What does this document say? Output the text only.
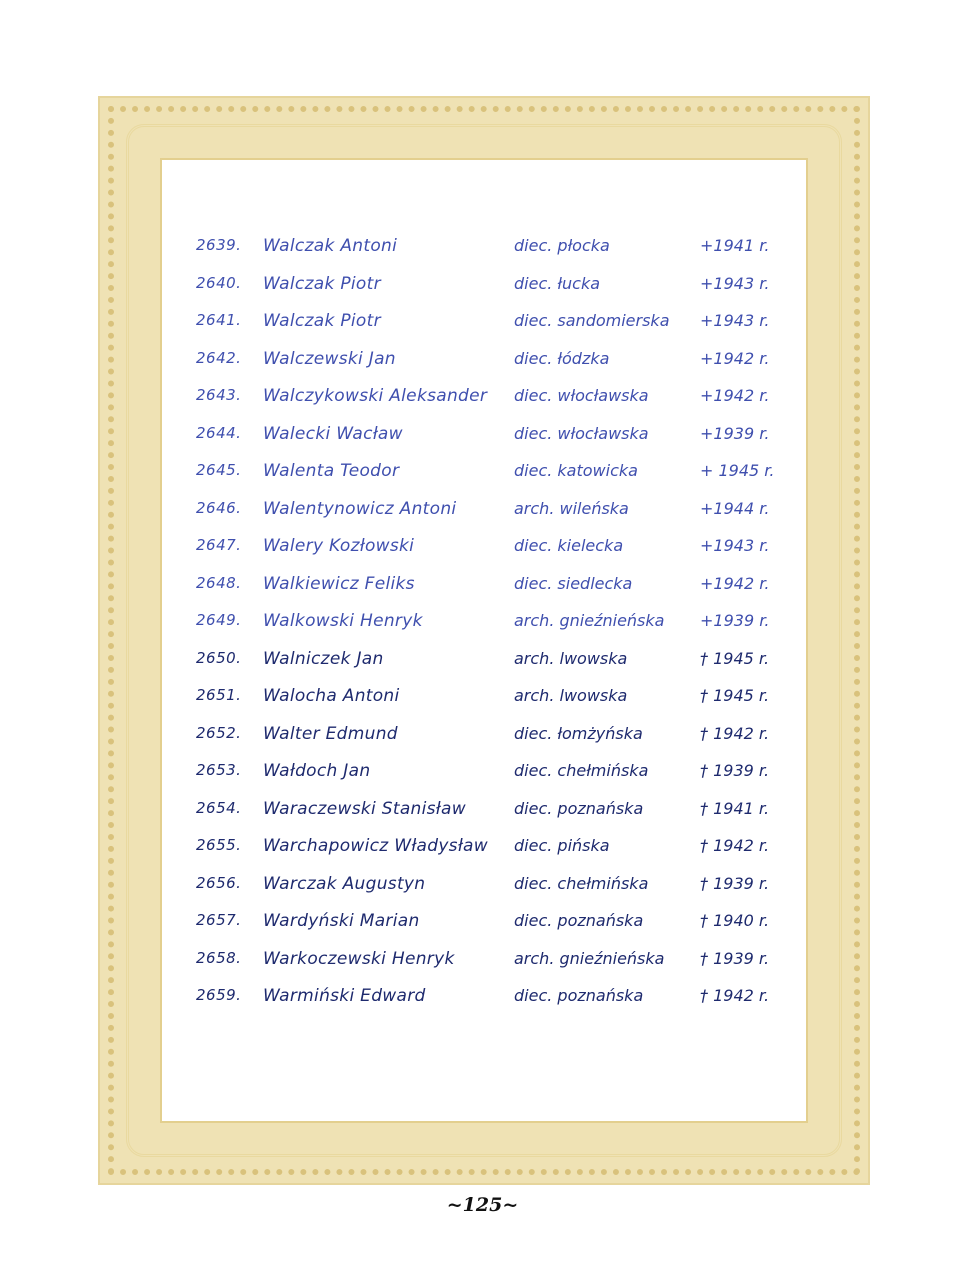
2639. Walczak Antoni	diec. płocka	+1941 r.
2640. Walczak Piotr	diec. łucka	+1943 r.
2641. Walczak Piotr	diec. sandomierska +1943 r.
2642. Walczewski Jan	diec. łódzka	+1942 r.
2643. Walczykowski Aleksander diec. włocławska	+1942 r.
2644. Walecki Wacław	diec. włocławska	+1939 r.
2645. Walenta Teodor	diec. katowicka	+ 1945 r.
2646. Walentynowicz Antoni	arch. wileńska	+1944 r.
2647. Walery Kozłowski	diec. kielecka	+1943 r.
2648. Walkiewicz Feliks	diec. siedlecka	+1942 r.
2649. Walkowski Henryk	arch. gnieźnieńska +1939 r.
2650. Walniczek Jan	arch. lwowska	† 1945 r.
2651. Walocha Antoni	arch. lwowska	† 1945 r.
2652. Walter Edmund	diec. łomżyńska	† 1942 r.
2653. Wałdoch Jan	diec. chełmińska	† 1939 r.
2654. Waraczewski Stanisław	diec. poznańska	† 1941 r.
2655. Warchapowicz Władysław diec. pińska	† 1942 r.
2656. Warczak Augustyn	diec. chełmińska	† 1939 r.
2657. Wardyński Marian	diec. poznańska	† 1940 r.
2658. Warkoczewski Henryk	arch. gnieźnieńska † 1939 r.
2659. Warmiński Edward	diec. poznańska	† 1942 r.
~125~
